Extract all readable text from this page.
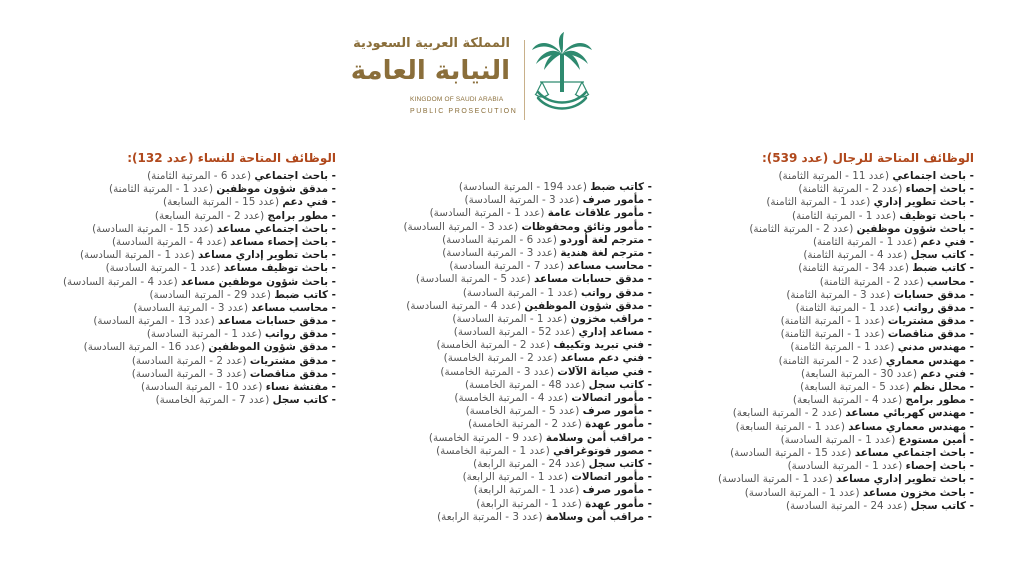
المملكة العربية السعودية
النيابة العامة
KINGDOM OF SAUDI ARABIA
PUBLIC PROSECUTION
الوظائف المتاحة للرجال (عدد 539):
- باحث اجتماعي (عدد 11 - المرتبة الثامنة)
- باحث إحصاء (عدد 2 - المرتبة الثامنة)
- باحث تطوير إداري (عدد 1 - المرتبة الثامنة)
- باحث توظيف (عدد 1 - المرتبة الثامنة)
- باحث شؤون موظفين (عدد 2 - المرتبة الثامنة)
- فني دعم (عدد 1 - المرتبة الثامنة)
- كاتب سجل (عدد 4 - المرتبة الثامنة)
- كاتب ضبط (عدد 34 - المرتبة الثامنة)
- محاسب (عدد 2 - المرتبة الثامنة)
- مدقق حسابات (عدد 3 - المرتبة الثامنة)
- مدقق رواتب (عدد 1 - المرتبة الثامنة)
- مدقق مشتريات (عدد 1 - المرتبة الثامنة)
- مدقق مناقصات (عدد 1 - المرتبة الثامنة)
- مهندس مدني (عدد 1 - المرتبة الثامنة)
- مهندس معماري (عدد 2 - المرتبة الثامنة)
- فني دعم (عدد 30 - المرتبة السابعة)
- محلل نظم (عدد 5 - المرتبة السابعة)
- مطور برامج (عدد 4 - المرتبة السابعة)
- مهندس كهربائي مساعد (عدد 2 - المرتبة السابعة)
- مهندس معماري مساعد (عدد 1 - المرتبة السابعة)
- أمين مستودع (عدد 1 - المرتبة السادسة)
- باحث اجتماعي مساعد (عدد 15 - المرتبة السادسة)
- باحث إحصاء (عدد 1 - المرتبة السادسة)
- باحث تطوير إداري مساعد (عدد 1 - المرتبة السادسة)
- باحث مخزون مساعد (عدد 1 - المرتبة السادسة)
- كاتب سجل (عدد 24 - المرتبة السادسة)
- كاتب ضبط (عدد 194 - المرتبة السادسة)
- مأمور صرف (عدد 3 - المرتبة السادسة)
- مأمور علاقات عامة (عدد 1 - المرتبة السادسة)
- مأمور وثائق ومحفوظات (عدد 3 - المرتبة السادسة)
- مترجم لغة أوردو (عدد 6 - المرتبة السادسة)
- مترجم لغة هندية (عدد 3 - المرتبة السادسة)
- محاسب مساعد (عدد 7 - المرتبة السادسة)
- مدقق حسابات مساعد (عدد 5 - المرتبة السادسة)
- مدقق رواتب (عدد 1 - المرتبة السادسة)
- مدقق شؤون الموظفين (عدد 4 - المرتبة السادسة)
- مراقب مخزون (عدد 1 - المرتبة السادسة)
- مساعد إداري (عدد 52 - المرتبة السادسة)
- فني تبريد وتكييف (عدد 2 - المرتبة الخامسة)
- فني دعم مساعد (عدد 2 - المرتبة الخامسة)
- فني صيانة الآلات (عدد 3 - المرتبة الخامسة)
- كاتب سجل (عدد 48 - المرتبة الخامسة)
- مأمور اتصالات (عدد 4 - المرتبة الخامسة)
- مأمور صرف (عدد 5 - المرتبة الخامسة)
- مأمور عهدة (عدد 2 - المرتبة الخامسة)
- مراقب أمن وسلامة (عدد 9 - المرتبة الخامسة)
- مصور فوتوغرافي (عدد 1 - المرتبة الخامسة)
- كاتب سجل (عدد 24 - المرتبة الرابعة)
- مأمور اتصالات (عدد 1 - المرتبة الرابعة)
- مأمور صرف (عدد 1 - المرتبة الرابعة)
- مأمور عهدة (عدد 1 - المرتبة الرابعة)
- مراقب أمن وسلامة (عدد 3 - المرتبة الرابعة)
الوظائف المتاحة للنساء (عدد 132):
- باحث اجتماعي (عدد 6 - المرتبة الثامنة)
- مدقق شؤون موظفين (عدد 1 - المرتبة الثامنة)
- فني دعم (عدد 15 - المرتبة السابعة)
- مطور برامج (عدد 2 - المرتبة السابعة)
- باحث اجتماعي مساعد (عدد 15 - المرتبة السادسة)
- باحث إحصاء مساعد (عدد 4 - المرتبة السادسة)
- باحث تطوير إداري مساعد (عدد 1 - المرتبة السادسة)
- باحث توظيف مساعد (عدد 1 - المرتبة السادسة)
- باحث شؤون موظفين مساعد (عدد 4 - المرتبة السادسة)
- كاتب ضبط (عدد 29 - المرتبة السادسة)
- محاسب مساعد (عدد 3 - المرتبة السادسة)
- مدقق حسابات مساعد (عدد 13 - المرتبة السادسة)
- مدقق رواتب (عدد 1 - المرتبة السادسة)
- مدقق شؤون الموظفين (عدد 16 - المرتبة السادسة)
- مدقق مشتريات (عدد 2 - المرتبة السادسة)
- مدقق مناقصات (عدد 3 - المرتبة السادسة)
- مفتشة نساء (عدد 10 - المرتبة السادسة)
- كاتب سجل (عدد 7 - المرتبة الخامسة)
